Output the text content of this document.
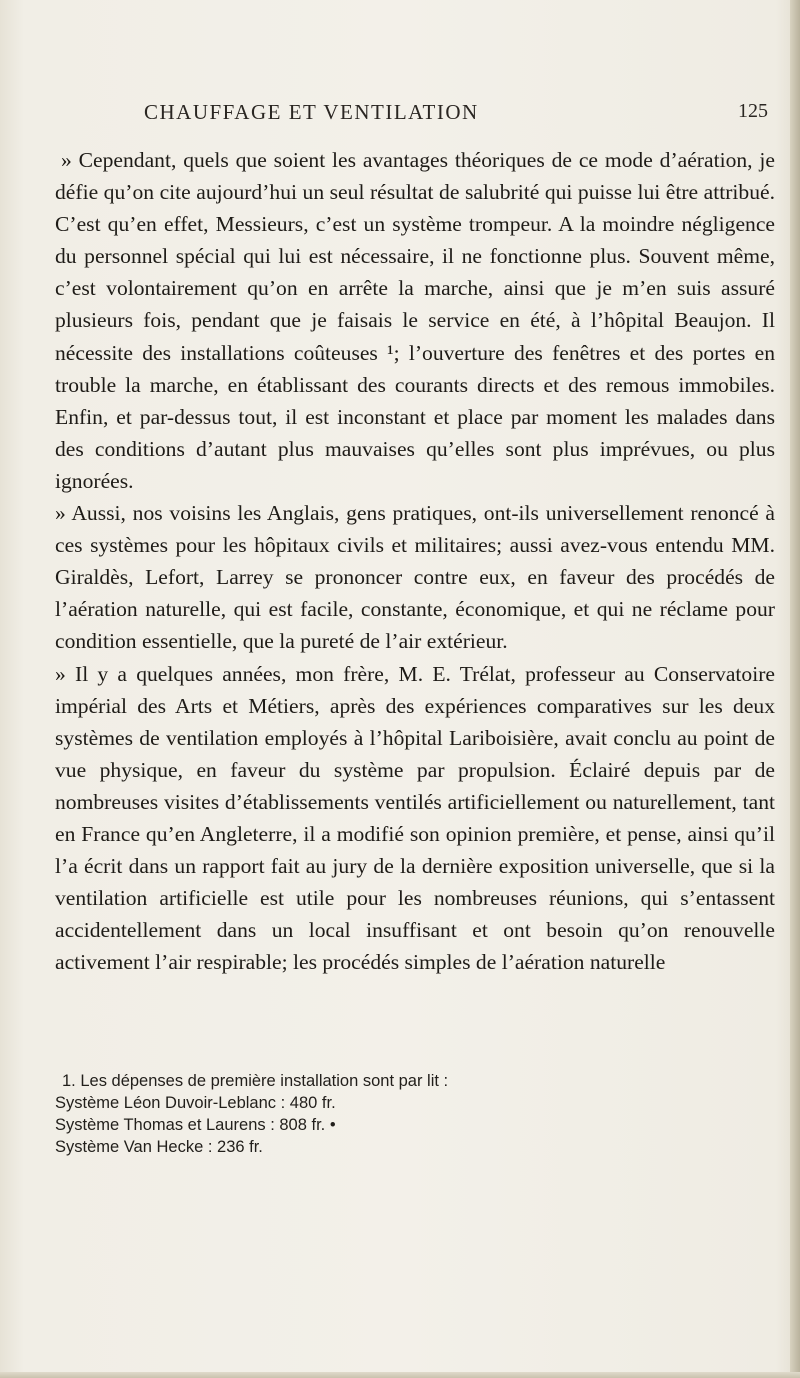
CHAUFFAGE ET VENTILATION	125

» Cependant, quels que soient les avantages théoriques de ce mode d’aération, je défie qu’on cite aujourd’hui un seul résultat de salubrité qui puisse lui être attribué. C’est qu’en effet, Messieurs, c’est un système trompeur. A la moindre négligence du personnel spécial qui lui est nécessaire, il ne fonctionne plus. Souvent même, c’est volontairement qu’on en arrête la marche, ainsi que je m’en suis assuré plusieurs fois, pendant que je faisais le service en été, à l’hôpital Beaujon. Il nécessite des installations coûteuses ¹; l’ouverture des fenêtres et des portes en trouble la marche, en établissant des courants directs et des remous immobiles. Enfin, et par-dessus tout, il est inconstant et place par moment les malades dans des conditions d’autant plus mauvaises qu’elles sont plus imprévues, ou plus ignorées.

» Aussi, nos voisins les Anglais, gens pratiques, ont-ils universellement renoncé à ces systèmes pour les hôpitaux civils et militaires; aussi avez-vous entendu MM. Giraldès, Lefort, Larrey se prononcer contre eux, en faveur des procédés de l’aération naturelle, qui est facile, constante, économique, et qui ne réclame pour condition essentielle, que la pureté de l’air extérieur.

» Il y a quelques années, mon frère, M. E. Trélat, professeur au Conservatoire impérial des Arts et Métiers, après des expériences comparatives sur les deux systèmes de ventilation employés à l’hôpital Lariboisière, avait conclu au point de vue physique, en faveur du système par propulsion. Éclairé depuis par de nombreuses visites d’établissements ventilés artificiellement ou naturellement, tant en France qu’en Angleterre, il a modifié son opinion première, et pense, ainsi qu’il l’a écrit dans un rapport fait au jury de la dernière exposition universelle, que si la ventilation artificielle est utile pour les nombreuses réunions, qui s’entassent accidentellement dans un local insuffisant et ont besoin qu’on renouvelle activement l’air respirable; les procédés simples de l’aération naturelle

1. Les dépenses de première installation sont par lit :
Système Léon Duvoir-Leblanc : 480 fr.
Système Thomas et Laurens : 808 fr. •
Système Van Hecke : 236 fr.
